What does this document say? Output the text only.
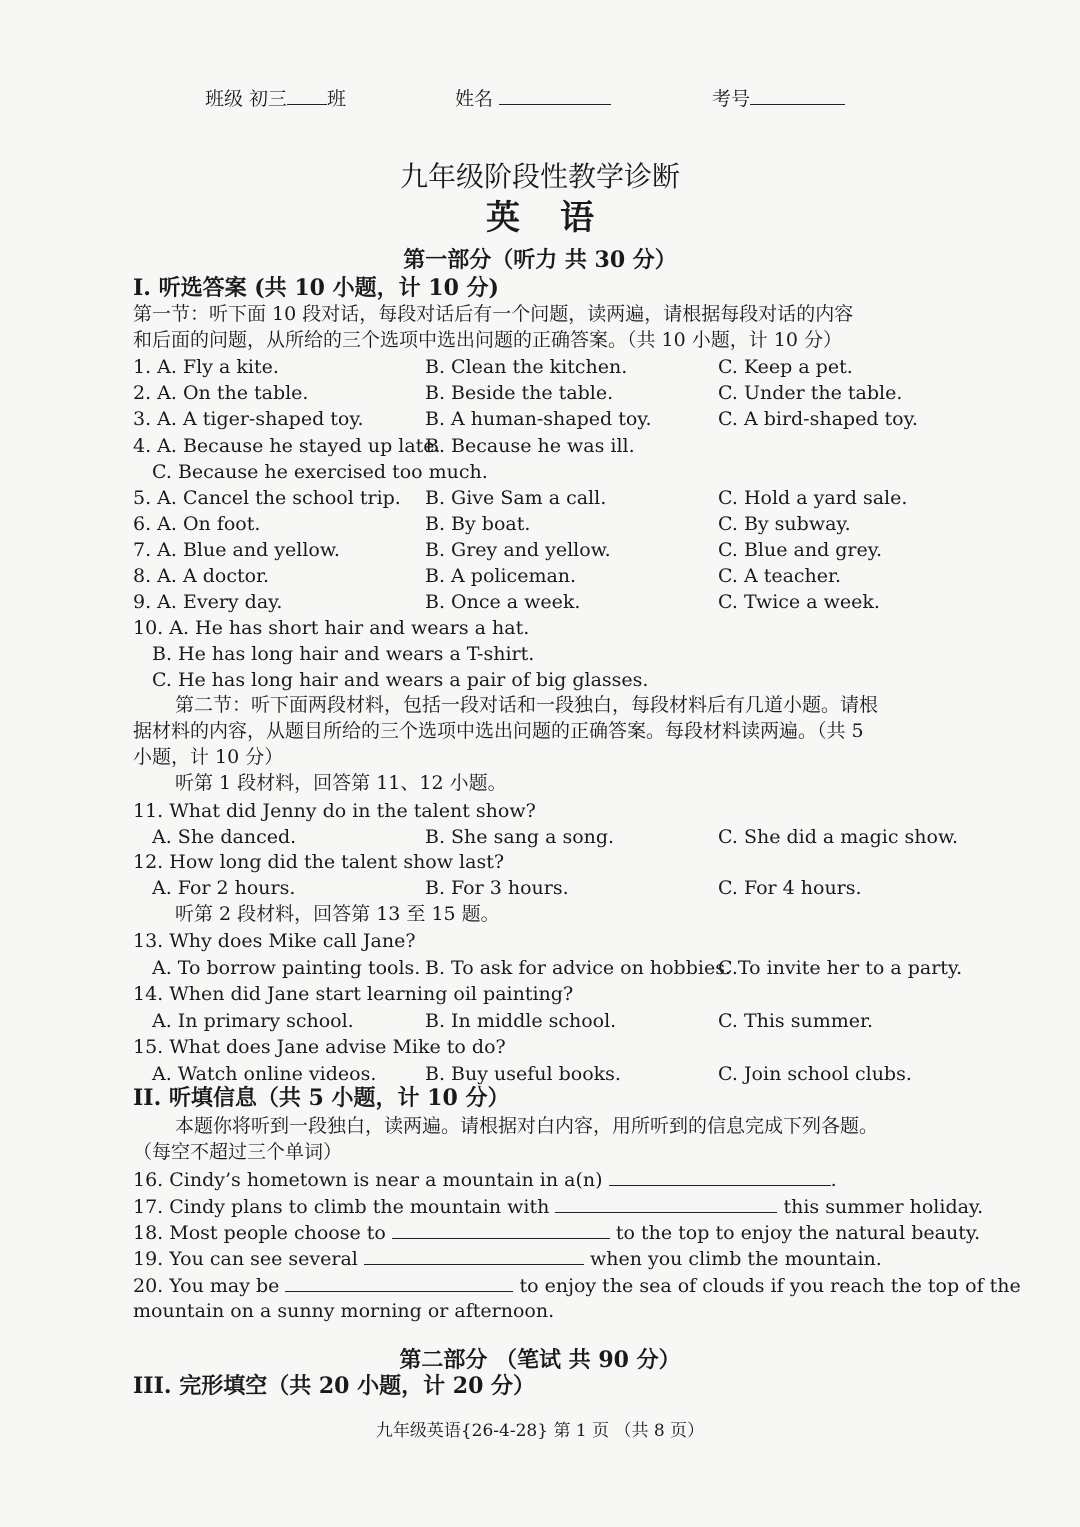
班级 初三 班	姓名	考号
九年级阶段性教学诊断
英语
第一部分（听力 共 30 分）
I. 听选答案 (共 10 小题，计 10 分)
第一节：听下面 10 段对话，每段对话后有一个问题，读两遍，请根据每段对话的内容
和后面的问题，从所给的三个选项中选出问题的正确答案。（共 10 小题，计 10 分）
1. A. Fly a kite.	B. Clean the kitchen.	C. Keep a pet.
2. A. On the table.	B. Beside the table.	C. Under the table.
3. A. A tiger-shaped toy.	B. A human-shaped toy.	C. A bird-shaped toy.
4. A. Because he stayed up late.
B. Because he was ill.
C. Because he exercised too much.
5. A. Cancel the school trip. B. Give Sam a call.	C. Hold a yard sale.
6. A. On foot.	B. By boat.	C. By subway.
7. A. Blue and yellow.	B. Grey and yellow.	C. Blue and grey.
8. A. A doctor.	B. A policeman.	C. A teacher.
9. A. Every day.	B. Once a week.	C. Twice a week.
10. A. He has short hair and wears a hat.
B. He has long hair and wears a T-shirt.
C. He has long hair and wears a pair of big glasses.
第二节：听下面两段材料，包括一段对话和一段独白，每段材料后有几道小题。请根
据材料的内容，从题目所给的三个选项中选出问题的正确答案。每段材料读两遍。（共 5
小题，计 10 分）
听第 1 段材料，回答第 11、12 小题。
11. What did Jenny do in the talent show?
A. She danced.	B. She sang a song.	C. She did a magic show.
12. How long did the talent show last?
A. For 2 hours.	B. For 3 hours.	C. For 4 hours.
听第 2 段材料，回答第 13 至 15 题。
13. Why does Mike call Jane?
A. To borrow painting tools. B. To ask for advice on hobbies.
C.To invite her to a party.
14. When did Jane start learning oil painting?
A. In primary school.	B. In middle school.	C. This summer.
15. What does Jane advise Mike to do?
A. Watch online videos.	B. Buy useful books.	C. Join school clubs.
II. 听填信息（共 5 小题，计 10 分）
本题你将听到一段独白，读两遍。请根据对白内容，用所听到的信息完成下列各题。
（每空不超过三个单词）
16. Cindy’s hometown is near a mountain in a(n)	.
17. Cindy plans to climb the mountain with	this summer holiday.
18. Most people choose to	to the top to enjoy the natural beauty.
19. You can see several	when you climb the mountain.
20. You may be	to enjoy the sea of clouds if you reach the top of the
mountain on a sunny morning or afternoon.
第二部分 （笔试 共 90 分）
III. 完形填空（共 20 小题，计 20 分）
九年级英语{26-4-28} 第 1 页 （共 8 页）
